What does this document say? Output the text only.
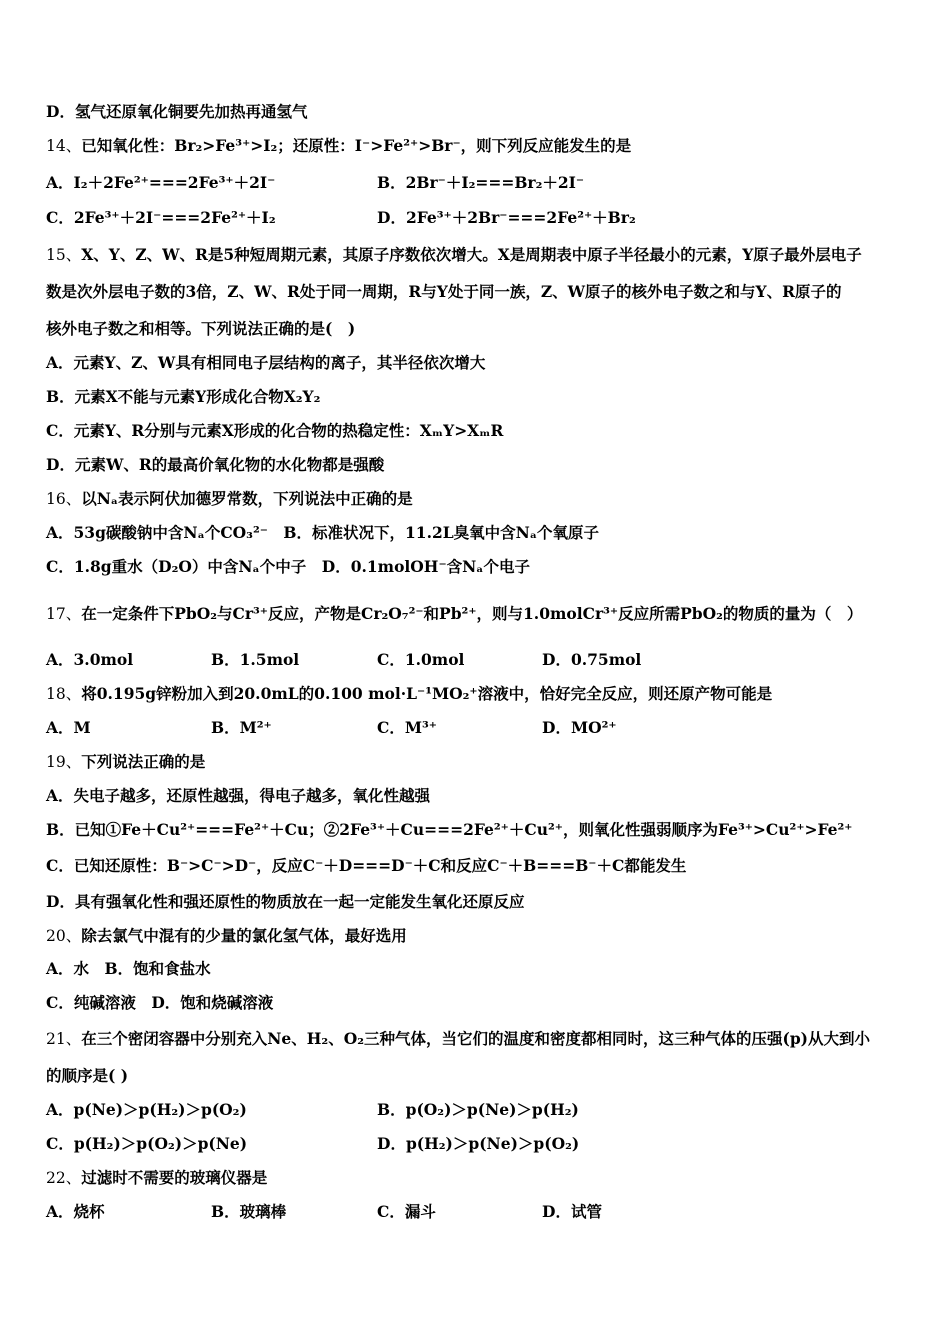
D．氢气还原氧化铜要先加热再通氢气
14、已知氧化性：Br₂>Fe³⁺>I₂；还原性：I⁻>Fe²⁺>Br⁻，则下列反应能发生的是
A．I₂＋2Fe²⁺===2Fe³⁺＋2I⁻	B．2Br⁻＋I₂===Br₂＋2I⁻
C．2Fe³⁺＋2I⁻===2Fe²⁺＋I₂	D．2Fe³⁺＋2Br⁻===2Fe²⁺＋Br₂
15、X、Y、Z、W、R是5种短周期元素，其原子序数依次增大。X是周期表中原子半径最小的元素，Y原子最外层电子
数是次外层电子数的3倍，Z、W、R处于同一周期，R与Y处于同一族，Z、W原子的核外电子数之和与Y、R原子的
核外电子数之和相等。下列说法正确的是(　)
A．元素Y、Z、W具有相同电子层结构的离子，其半径依次增大
B．元素X不能与元素Y形成化合物X₂Y₂
C．元素Y、R分别与元素X形成的化合物的热稳定性：XₘY>XₘR
D．元素W、R的最高价氧化物的水化物都是强酸
16、以Nₐ表示阿伏加德罗常数，下列说法中正确的是
A．53g碳酸钠中含Nₐ个CO₃²⁻　B．标准状况下，11.2L臭氧中含Nₐ个氧原子
C．1.8g重水（D₂O）中含Nₐ个中子　D．0.1molOH⁻含Nₐ个电子
17、在一定条件下PbO₂与Cr³⁺反应，产物是Cr₂O₇²⁻和Pb²⁺，则与1.0molCr³⁺反应所需PbO₂的物质的量为（　）
A．3.0mol	B．1.5mol	C．1.0mol	D．0.75mol
18、将0.195g锌粉加入到20.0mL的0.100 mol·L⁻¹MO₂⁺溶液中，恰好完全反应，则还原产物可能是
A．M	B．M²⁺	C．M³⁺	D．MO²⁺
19、下列说法正确的是
A．失电子越多，还原性越强，得电子越多，氧化性越强
B．已知①Fe＋Cu²⁺===Fe²⁺＋Cu；②2Fe³⁺＋Cu===2Fe²⁺＋Cu²⁺，则氧化性强弱顺序为Fe³⁺>Cu²⁺>Fe²⁺
C．已知还原性：B⁻>C⁻>D⁻，反应C⁻＋D===D⁻＋C和反应C⁻＋B===B⁻＋C都能发生
D．具有强氧化性和强还原性的物质放在一起一定能发生氧化还原反应
20、除去氯气中混有的少量的氯化氢气体，最好选用
A．水　B．饱和食盐水
C．纯碱溶液　D．饱和烧碱溶液
21、在三个密闭容器中分别充入Ne、H₂、O₂三种气体，当它们的温度和密度都相同时，这三种气体的压强(p)从大到小
的顺序是( )
A．p(Ne)＞p(H₂)＞p(O₂)	B．p(O₂)＞p(Ne)＞p(H₂)
C．p(H₂)＞p(O₂)＞p(Ne)	D．p(H₂)＞p(Ne)＞p(O₂)
22、过滤时不需要的玻璃仪器是
A．烧杯	B．玻璃棒	C．漏斗	D．试管
